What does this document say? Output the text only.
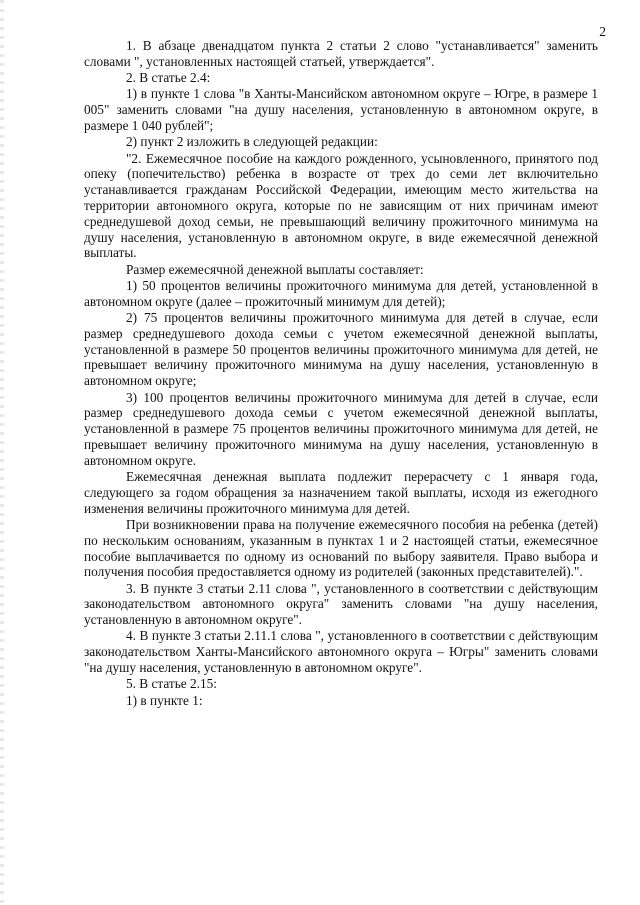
2

1. В абзаце двенадцатом пункта 2 статьи 2 слово "устанавливается" заменить словами ", установленных настоящей статьей, утверждается".

2. В статье 2.4:

1) в пункте 1 слова "в Ханты-Мансийском автономном округе – Югре, в размере 1 005" заменить словами "на душу населения, установленную в автономном округе, в размере 1 040 рублей";

2) пункт 2 изложить в следующей редакции:

"2. Ежемесячное пособие на каждого рожденного, усыновленного, принятого под опеку (попечительство) ребенка в возрасте от трех до семи лет включительно устанавливается гражданам Российской Федерации, имеющим место жительства на территории автономного округа, которые по не зависящим от них причинам имеют среднедушевой доход семьи, не превышающий величину прожиточного минимума на душу населения, установленную в автономном округе, в виде ежемесячной денежной выплаты.

Размер ежемесячной денежной выплаты составляет:

1) 50 процентов величины прожиточного минимума для детей, установленной в автономном округе (далее – прожиточный минимум для детей);

2) 75 процентов величины прожиточного минимума для детей в случае, если размер среднедушевого дохода семьи с учетом ежемесячной денежной выплаты, установленной в размере 50 процентов величины прожиточного минимума для детей, не превышает величину прожиточного минимума на душу населения, установленную в автономном округе;

3) 100 процентов величины прожиточного минимума для детей в случае, если размер среднедушевого дохода семьи с учетом ежемесячной денежной выплаты, установленной в размере 75 процентов величины прожиточного минимума для детей, не превышает величину прожиточного минимума на душу населения, установленную в автономном округе.

Ежемесячная денежная выплата подлежит перерасчету с 1 января года, следующего за годом обращения за назначением такой выплаты, исходя из ежегодного изменения величины прожиточного минимума для детей.

При возникновении права на получение ежемесячного пособия на ребенка (детей) по нескольким основаниям, указанным в пунктах 1 и 2 настоящей статьи, ежемесячное пособие выплачивается по одному из оснований по выбору заявителя. Право выбора и получения пособия предоставляется одному из родителей (законных представителей).".

3. В пункте 3 статьи 2.11 слова ", установленного в соответствии с действующим законодательством автономного округа" заменить словами "на душу населения, установленную в автономном округе".

4. В пункте 3 статьи 2.11.1 слова ", установленного в соответствии с действующим законодательством Ханты-Мансийского автономного округа – Югры" заменить словами "на душу населения, установленную в автономном округе".

5. В статье 2.15:

1) в пункте 1:
